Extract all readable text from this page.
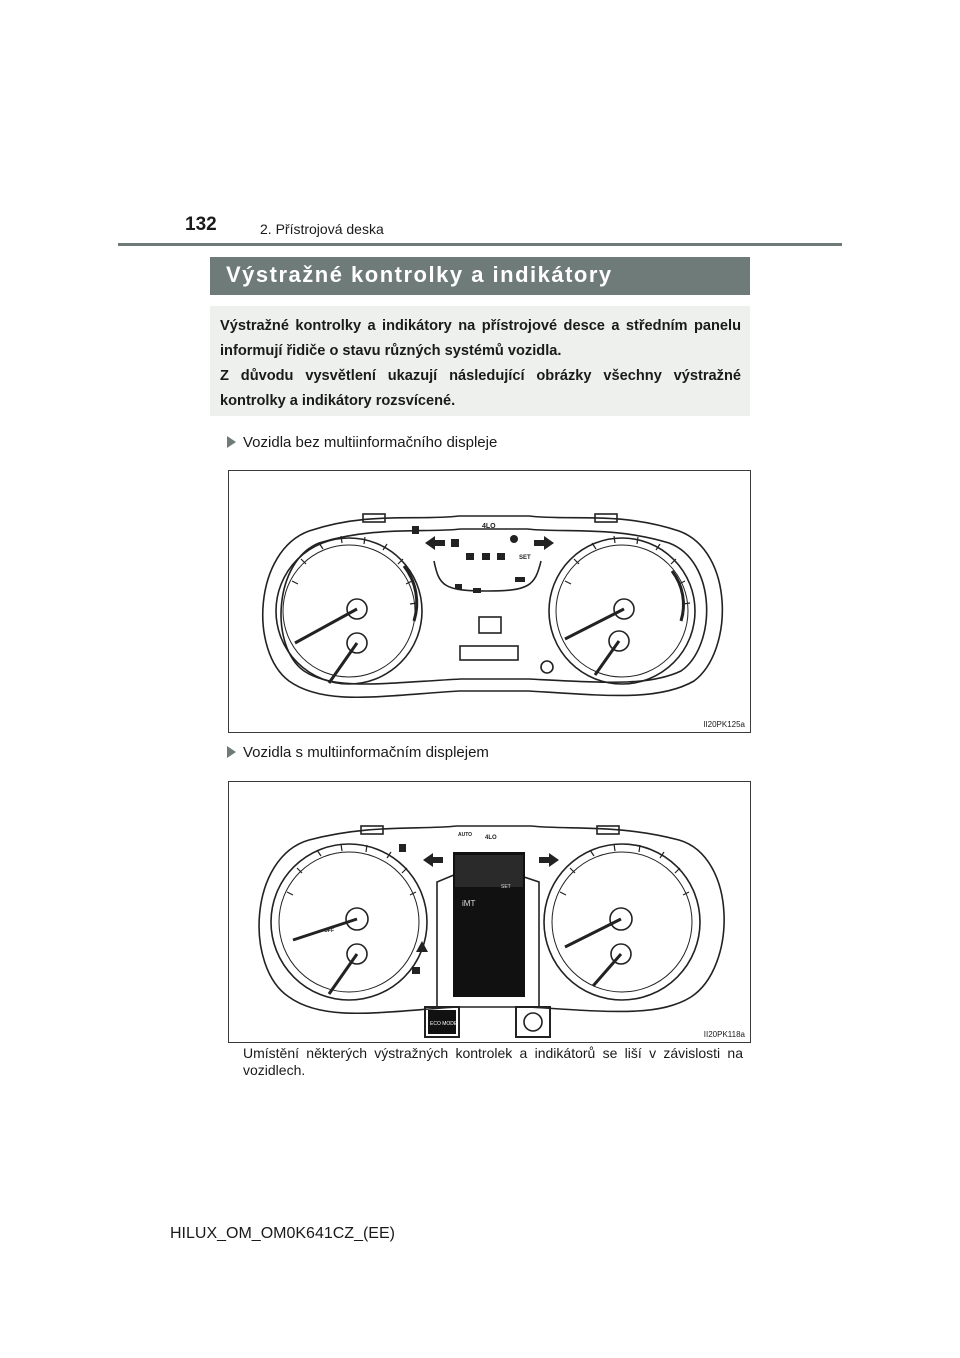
132	2. Přístrojová deska
Výstražné kontrolky a indikátory
Výstražné kontrolky a indikátory na přístrojové desce a středním panelu informují řidiče o stavu různých systémů vozidla.
Z důvodu vysvětlení ukazují následující obrázky všechny výstražné kontrolky a indikátory rozsvícené.
Vozidla bez multiinformačního displeje
4LO
SET
II20PK125a
Vozidla s multiinformačním displejem
AUTO 4LO
iMT
SET
ECO MODE
OFF
II20PK118a
Umístění některých výstražných kontrolek a indikátorů se liší v závislosti na vozidlech.
HILUX_OM_OM0K641CZ_(EE)
